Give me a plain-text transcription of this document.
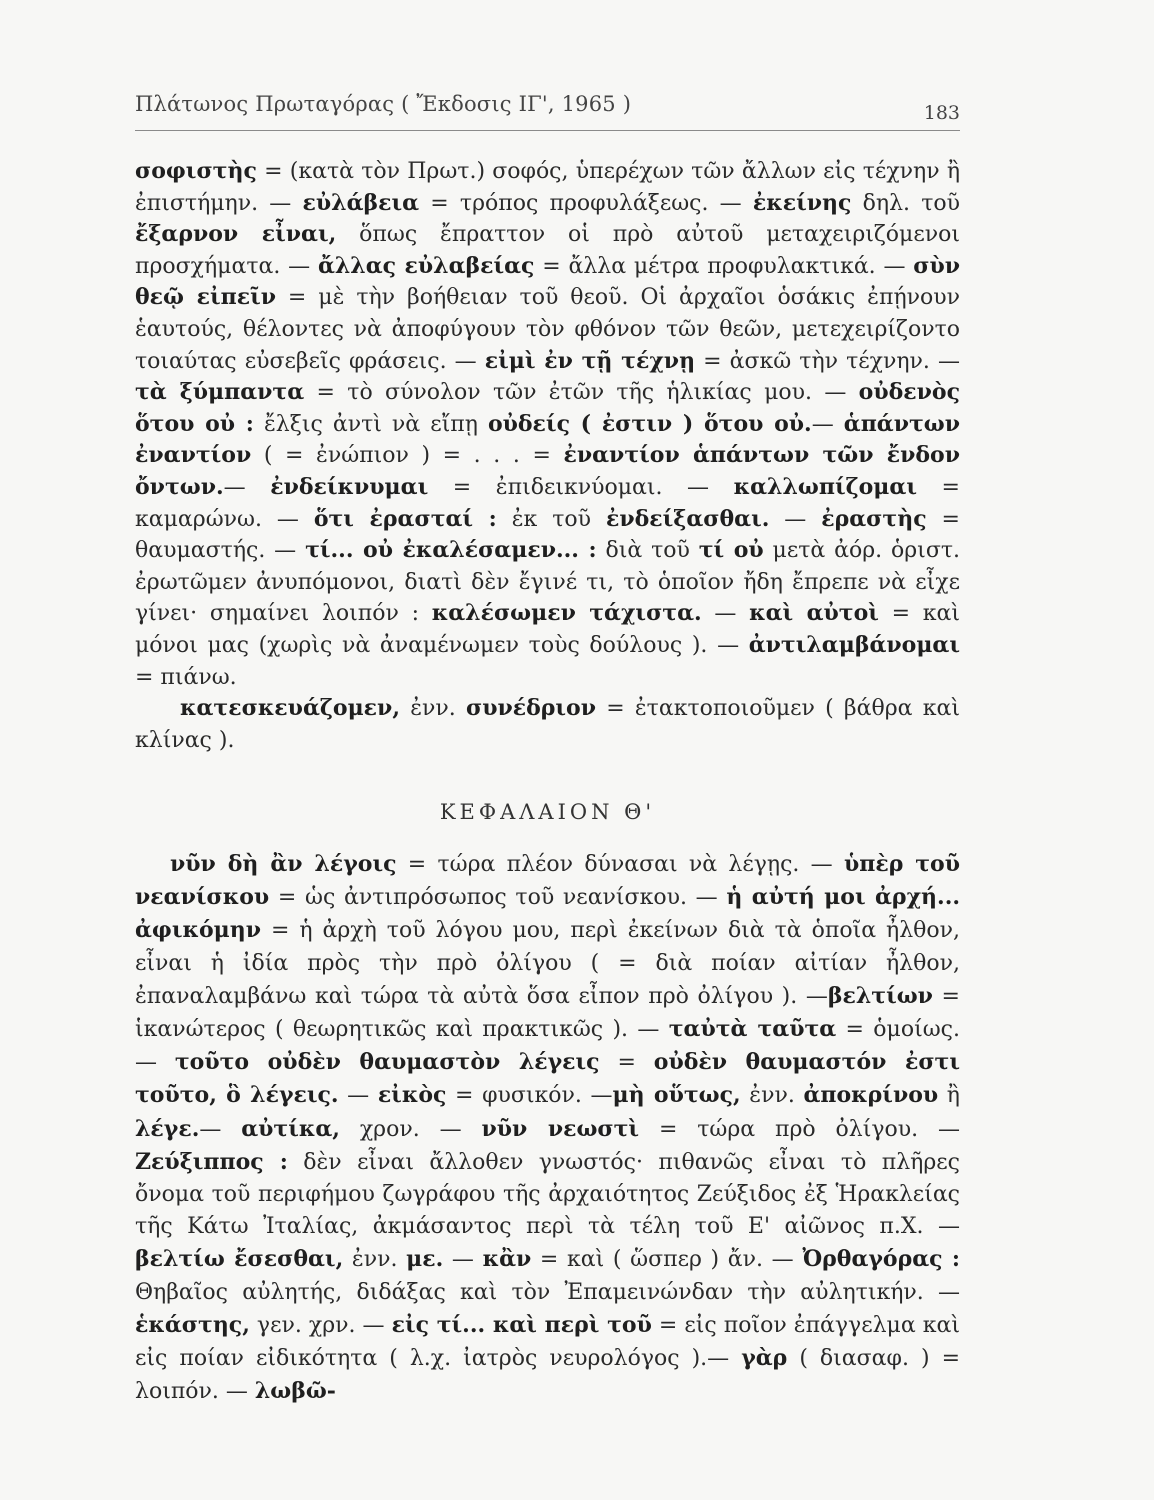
Πλάτωνος Πρωταγόρας ( Ἔκδοσις ΙΓ', 1965 )	183

σοφιστὴς = (κατὰ τὸν Πρωτ.) σοφός, ὑπερέχων τῶν ἄλλων εἰς τέχνην ἢ ἐπιστήμην. — εὐλάβεια = τρόπος προφυλάξεως. — ἐκείνης δηλ. τοῦ ἔξαρνον εἶναι, ὅπως ἔπραττον οἱ πρὸ αὐτοῦ μεταχειριζόμενοι προσχήματα. — ἄλλας εὐλαβείας = ἄλλα μέτρα προφυλακτικά. — σὺν θεῷ εἰπεῖν = μὲ τὴν βοήθειαν τοῦ θεοῦ. Οἱ ἀρχαῖοι ὁσάκις ἐπῄνουν ἑαυτούς, θέλοντες νὰ ἀποφύγουν τὸν φθόνον τῶν θεῶν, μετεχειρίζοντο τοιαύτας εὐσεβεῖς φράσεις. — εἰμὶ ἐν τῇ τέχνῃ = ἀσκῶ τὴν τέχνην. — τὰ ξύμπαντα = τὸ σύνολον τῶν ἐτῶν τῆς ἡλικίας μου. — οὐδενὸς ὅτου οὐ : ἔλξις ἀντὶ νὰ εἴπῃ οὐδείς ( ἐστιν ) ὅτου οὐ.— ἁπάντων ἐναντίον ( = ἐνώπιον ) = . . . = ἐναντίον ἁπάντων τῶν ἔνδον ὄντων.— ἐνδείκνυμαι = ἐπιδεικνύομαι. — καλλωπίζομαι = καμαρώνω. — ὅτι ἐρασταί : ἐκ τοῦ ἐνδείξασθαι. — ἐραστὴς = θαυμαστής. — τί... οὐ ἐκαλέσαμεν... : διὰ τοῦ τί οὐ μετὰ ἀόρ. ὁριστ. ἐρωτῶμεν ἀνυπόμονοι, διατὶ δὲν ἔγινέ τι, τὸ ὁποῖον ἤδη ἔπρεπε νὰ εἶχε γίνει· σημαίνει λοιπόν : καλέσωμεν τάχιστα. — καὶ αὐτοὶ = καὶ μόνοι μας (χωρὶς νὰ ἀναμένωμεν τοὺς δούλους ). — ἀντιλαμβάνομαι = πιάνω.

κατεσκευάζομεν, ἐνν. συνέδριον = ἐτακτοποιοῦμεν ( βάθρα καὶ κλίνας ).

ΚΕΦΑΛΑΙΟΝ Θ'

νῦν δὴ ἂν λέγοις = τώρα πλέον δύνασαι νὰ λέγῃς. — ὑπὲρ τοῦ νεανίσκου = ὡς ἀντιπρόσωπος τοῦ νεανίσκου. — ἡ αὐτή μοι ἀρχή... ἀφικόμην = ἡ ἀρχὴ τοῦ λόγου μου, περὶ ἐκείνων διὰ τὰ ὁποῖα ἦλθον, εἶναι ἡ ἰδία πρὸς τὴν πρὸ ὀλίγου ( = διὰ ποίαν αἰτίαν ἦλθον, ἐπαναλαμβάνω καὶ τώρα τὰ αὐτὰ ὅσα εἶπον πρὸ ὀλίγου ). —βελτίων = ἱκανώτερος ( θεωρητικῶς καὶ πρακτικῶς ). — ταὐτὰ ταῦτα = ὁμοίως. — τοῦτο οὐδὲν θαυμαστὸν λέγεις = οὐδὲν θαυμαστόν ἐστι τοῦτο, ὃ λέγεις. — εἰκὸς = φυσικόν. —μὴ οὕτως, ἐνν. ἀποκρίνου ἢ λέγε.— αὐτίκα, χρον. — νῦν νεωστὶ = τώρα πρὸ ὀλίγου. — Ζεύξιππος : δὲν εἶναι ἄλλοθεν γνωστός· πιθανῶς εἶναι τὸ πλῆρες ὄνομα τοῦ περιφήμου ζωγράφου τῆς ἀρχαιότητος Ζεύξιδος ἐξ Ἡρακλείας τῆς Κάτω Ἰταλίας, ἀκμάσαντος περὶ τὰ τέλη τοῦ Ε' αἰῶνος π.Χ. — βελτίω ἔσεσθαι, ἐνν. με. — κἂν = καὶ ( ὥσπερ ) ἄν. — Ὀρθαγόρας : Θηβαῖος αὐλητής, διδάξας καὶ τὸν Ἐπαμεινώνδαν τὴν αὐλητικήν. — ἑκάστης, γεν. χρν. — εἰς τί... καὶ περὶ τοῦ = εἰς ποῖον ἐπάγγελμα καὶ εἰς ποίαν εἰδικότητα ( λ.χ. ἰατρὸς νευρολόγος ).— γὰρ ( διασαφ. ) = λοιπόν. — λωβῶ-
